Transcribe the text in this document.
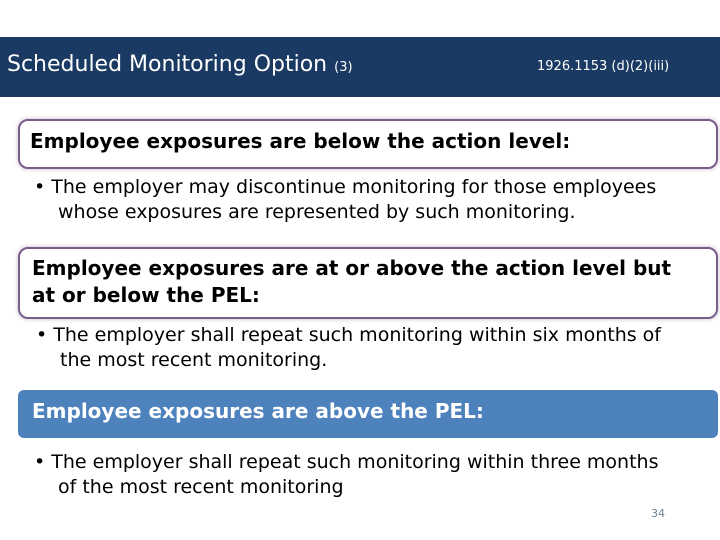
Scheduled Monitoring Option (3)	1926.1153 (d)(2)(iii)
Employee exposures are below the action level:
• The employer may discontinue monitoring for those employees
whose exposures are represented by such monitoring.
Employee exposures are at or above the action level but
at or below the PEL:
• The employer shall repeat such monitoring within six months of
the most recent monitoring.
Employee exposures are above the PEL:
• The employer shall repeat such monitoring within three months
of the most recent monitoring
34
